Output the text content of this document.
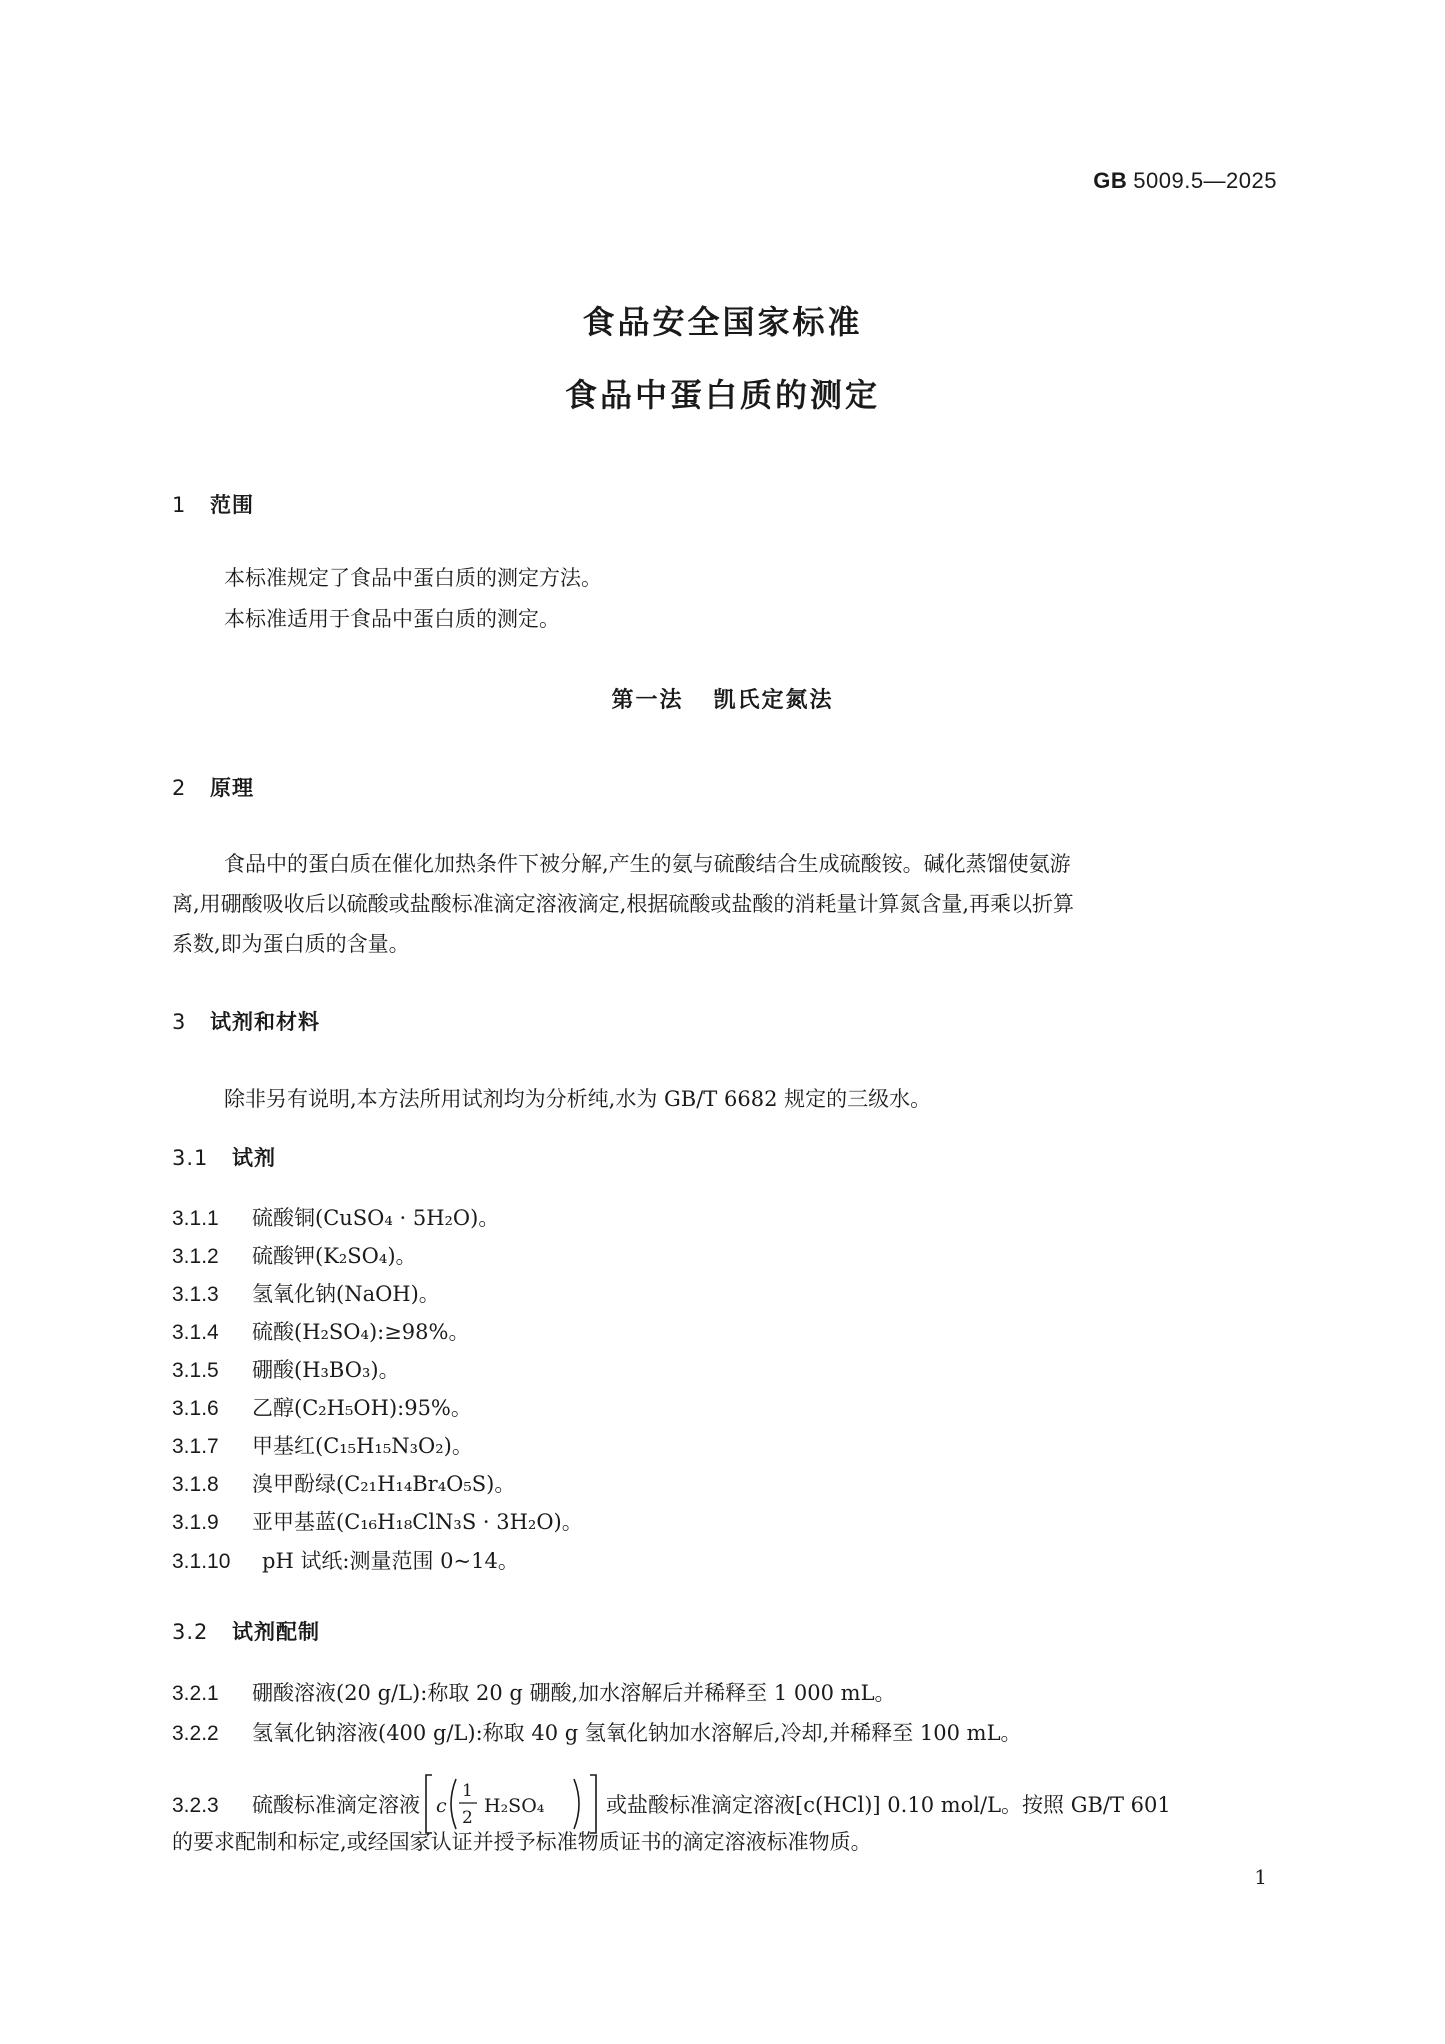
GB 5009.5—2025
食品安全国家标准
食品中蛋白质的测定
1 范围
本标准规定了食品中蛋白质的测定方法。
本标准适用于食品中蛋白质的测定。
第一法 凯氏定氮法
2 原理
食品中的蛋白质在催化加热条件下被分解,产生的氨与硫酸结合生成硫酸铵。碱化蒸馏使氨游
离,用硼酸吸收后以硫酸或盐酸标准滴定溶液滴定,根据硫酸或盐酸的消耗量计算氮含量,再乘以折算
系数,即为蛋白质的含量。
3 试剂和材料
除非另有说明,本方法所用试剂均为分析纯,水为 GB/T 6682 规定的三级水。
3.1 试剂
3.1.1 硫酸铜(CuSO₄ · 5H₂O)。
3.1.2 硫酸钾(K₂SO₄)。
3.1.3 氢氧化钠(NaOH)。
3.1.4 硫酸(H₂SO₄):≥98%。
3.1.5 硼酸(H₃BO₃)。
3.1.6 乙醇(C₂H₅OH):95%。
3.1.7 甲基红(C₁₅H₁₅N₃O₂)。
3.1.8 溴甲酚绿(C₂₁H₁₄Br₄O₅S)。
3.1.9 亚甲基蓝(C₁₆H₁₈ClN₃S · 3H₂O)。
3.1.10 pH 试纸:测量范围 0~14。
3.2 试剂配制
3.2.1 硼酸溶液(20 g/L):称取 20 g 硼酸,加水溶解后并稀释至 1 000 mL。
3.2.2 氢氧化钠溶液(400 g/L):称取 40 g 氢氧化钠加水溶解后,冷却,并稀释至 100 mL。
3.2.3 硫酸标准滴定溶液 c
1
2
H₂SO₄	或盐酸标准滴定溶液[c(HCl)] 0.10 mol/L。按照 GB/T 601
的要求配制和标定,或经国家认证并授予标准物质证书的滴定溶液标准物质。
1
